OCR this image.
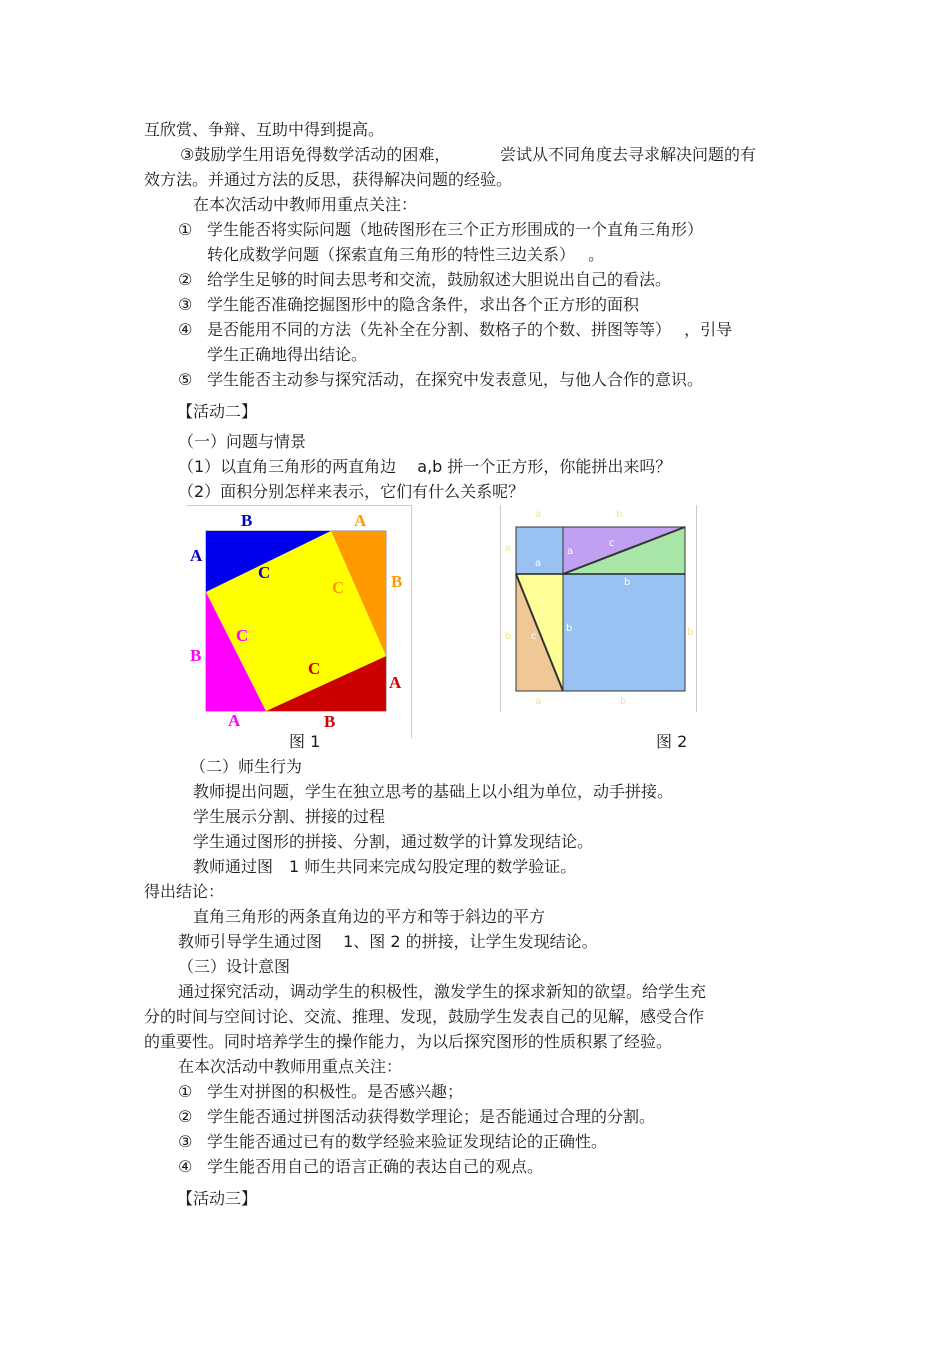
互欣赏、争辩、互助中得到提高。
③鼓励学生用语免得数学活动的困难，	尝试从不同角度去寻求解决问题的有
效方法。并通过方法的反思，获得解决问题的经验。
在本次活动中教师用重点关注：
① 学生能否将实际问题（地砖图形在三个正方形围成的一个直角三角形）
转化成数学问题（探索直角三角形的特性三边关系）　 。
② 给学生足够的时间去思考和交流，鼓励叙述大胆说出自己的看法。
③ 学生能否准确挖掘图形中的隐含条件，求出各个正方形的面积
④ 是否能用不同的方法（先补全在分割、数格子的个数、拼图等等）　 ，引导
学生正确地得出结论。
⑤ 学生能否主动参与探究活动，在探究中发表意见，与他人合作的意识。
【活动二】
（一）问题与情景
（1）以直角三角形的两直角边　 a,b 拼一个正方形，你能拼出来吗？
（2）面积分别怎样来表示，它们有什么关系呢？
B	A
A
B
B
A
A	B
C
C
C
C
a	b
a
a
a
c
b
b c
b	b
a	b
图 1	图 2
（二）师生行为
教师提出问题，学生在独立思考的基础上以小组为单位，动手拼接。
学生展示分割、拼接的过程
学生通过图形的拼接、分割，通过数学的计算发现结论。
教师通过图　1 师生共同来完成勾股定理的数学验证。
得出结论：
直角三角形的两条直角边的平方和等于斜边的平方
教师引导学生通过图　 1、图 2 的拼接，让学生发现结论。
（三）设计意图
通过探究活动，调动学生的积极性，激发学生的探求新知的欲望。给学生充
分的时间与空间讨论、交流、推理、发现，鼓励学生发表自己的见解，感受合作
的重要性。同时培养学生的操作能力，为以后探究图形的性质积累了经验。
在本次活动中教师用重点关注：
① 学生对拼图的积极性。是否感兴趣；
② 学生能否通过拼图活动获得数学理论；是否能通过合理的分割。
③ 学生能否通过已有的数学经验来验证发现结论的正确性。
④ 学生能否用自己的语言正确的表达自己的观点。
【活动三】
